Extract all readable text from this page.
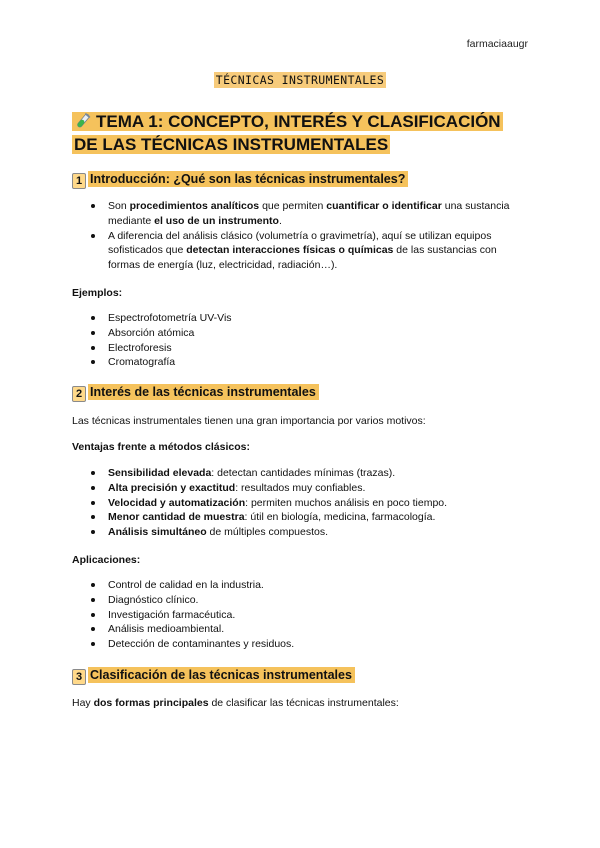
farmaciaaugr
TÉCNICAS INSTRUMENTALES
TEMA 1: CONCEPTO, INTERÉS Y CLASIFICACIÓN
DE LAS TÉCNICAS INSTRUMENTALES
1 Introducción: ¿Qué son las técnicas instrumentales?
Son procedimientos analíticos que permiten cuantificar o identificar una sustancia mediante el uso de un instrumento.
A diferencia del análisis clásico (volumetría o gravimetría), aquí se utilizan equipos sofisticados que detectan interacciones físicas o químicas de las sustancias con formas de energía (luz, electricidad, radiación…).
Ejemplos:
Espectrofotometría UV-Vis
Absorción atómica
Electroforesis
Cromatografía
2 Interés de las técnicas instrumentales
Las técnicas instrumentales tienen una gran importancia por varios motivos:
Ventajas frente a métodos clásicos:
Sensibilidad elevada: detectan cantidades mínimas (trazas).
Alta precisión y exactitud: resultados muy confiables.
Velocidad y automatización: permiten muchos análisis en poco tiempo.
Menor cantidad de muestra: útil en biología, medicina, farmacología.
Análisis simultáneo de múltiples compuestos.
Aplicaciones:
Control de calidad en la industria.
Diagnóstico clínico.
Investigación farmacéutica.
Análisis medioambiental.
Detección de contaminantes y residuos.
3 Clasificación de las técnicas instrumentales
Hay dos formas principales de clasificar las técnicas instrumentales:
